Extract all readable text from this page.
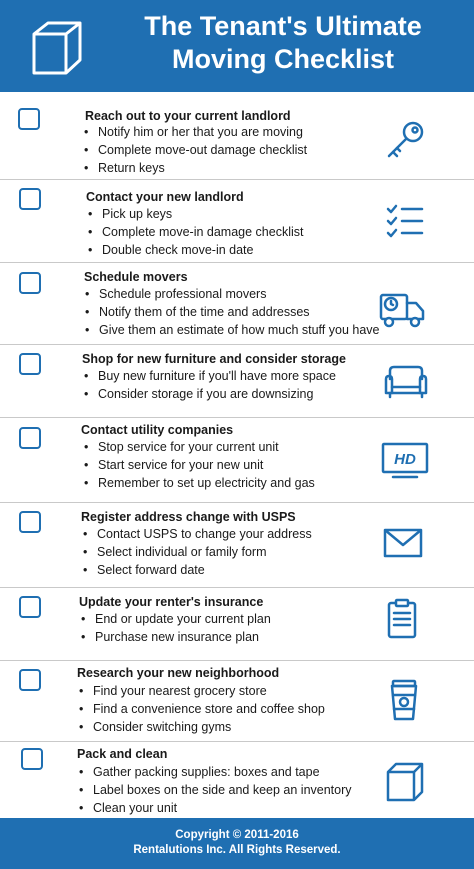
The Tenant's Ultimate
Moving Checklist
Reach out to your current landlord
• Notify him or her that you are moving
• Complete move-out damage checklist
• Return keys
Contact your new landlord
• Pick up keys
• Complete move-in damage checklist
• Double check move-in date
Schedule movers
• Schedule professional movers
• Notify them of the time and addresses
• Give them an estimate of how much stuff you have
Shop for new furniture and consider storage
• Buy new furniture if you'll have more space
• Consider storage if you are downsizing
Contact utility companies
• Stop service for your current unit
• Start service for your new unit
• Remember to set up electricity and gas
HD
Register address change with USPS
• Contact USPS to change your address
• Select individual or family form
• Select forward date
Update your renter's insurance
• End or update your current plan
• Purchase new insurance plan
Research your new neighborhood
• Find your nearest grocery store
• Find a convenience store and coffee shop
• Consider switching gyms
Pack and clean
• Gather packing supplies: boxes and tape
• Label boxes on the side and keep an inventory
• Clean your unit
Copyright © 2011-2016
Rentalutions Inc. All Rights Reserved.
